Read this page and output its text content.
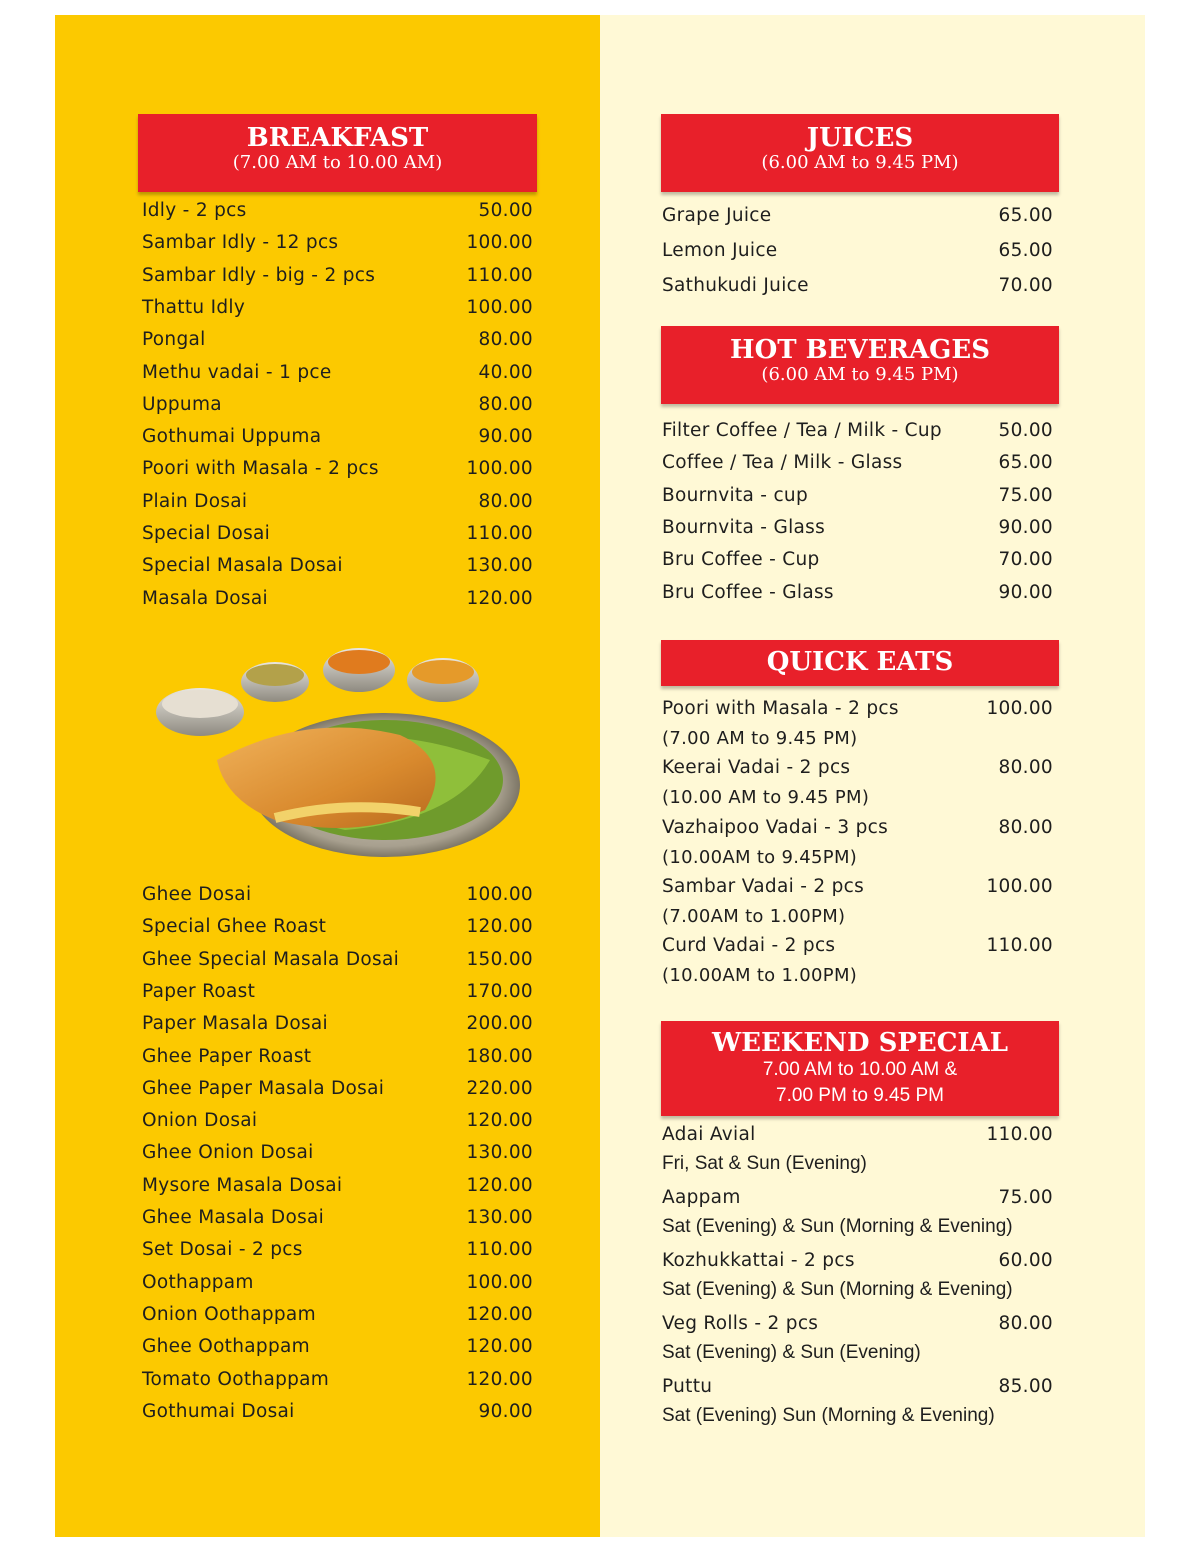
BREAKFAST
(7.00 AM to 10.00 AM)
Idly - 2 pcs	50.00
Sambar Idly - 12 pcs	100.00
Sambar Idly - big - 2 pcs	110.00
Thattu Idly	100.00
Pongal	80.00
Methu vadai - 1 pce	40.00
Uppuma	80.00
Gothumai Uppuma	90.00
Poori with Masala - 2 pcs	100.00
Plain Dosai	80.00
Special Dosai	110.00
Special Masala Dosai	130.00
Masala Dosai	120.00
Ghee Dosai	100.00
Special Ghee Roast	120.00
Ghee Special Masala Dosai	150.00
Paper Roast	170.00
Paper Masala Dosai	200.00
Ghee Paper Roast	180.00
Ghee Paper Masala Dosai	220.00
Onion Dosai	120.00
Ghee Onion Dosai	130.00
Mysore Masala Dosai	120.00
Ghee Masala Dosai	130.00
Set Dosai - 2 pcs	110.00
Oothappam	100.00
Onion Oothappam	120.00
Ghee Oothappam	120.00
Tomato Oothappam	120.00
Gothumai Dosai	90.00
JUICES
(6.00 AM to 9.45 PM)
Grape Juice	65.00
Lemon Juice	65.00
Sathukudi Juice	70.00
HOT BEVERAGES
(6.00 AM to 9.45 PM)
Filter Coffee / Tea / Milk - Cup	50.00
Coffee / Tea / Milk - Glass	65.00
Bournvita - cup	75.00
Bournvita - Glass	90.00
Bru Coffee - Cup	70.00
Bru Coffee - Glass	90.00
QUICK EATS
Poori with Masala - 2 pcs	100.00
(7.00 AM to 9.45 PM)
Keerai Vadai - 2 pcs	80.00
(10.00 AM to 9.45 PM)
Vazhaipoo Vadai - 3 pcs	80.00
(10.00AM to 9.45PM)
Sambar Vadai - 2 pcs	100.00
(7.00AM to 1.00PM)
Curd Vadai - 2 pcs	110.00
(10.00AM to 1.00PM)
WEEKEND SPECIAL
7.00 AM to 10.00 AM &
7.00 PM to 9.45 PM
Adai Avial	110.00
Fri, Sat & Sun (Evening)
Aappam	75.00
Sat (Evening) & Sun (Morning & Evening)
Kozhukkattai - 2 pcs	60.00
Sat (Evening) & Sun (Morning & Evening)
Veg Rolls - 2 pcs	80.00
Sat (Evening) & Sun (Evening)
Puttu	85.00
Sat (Evening) Sun (Morning & Evening)
